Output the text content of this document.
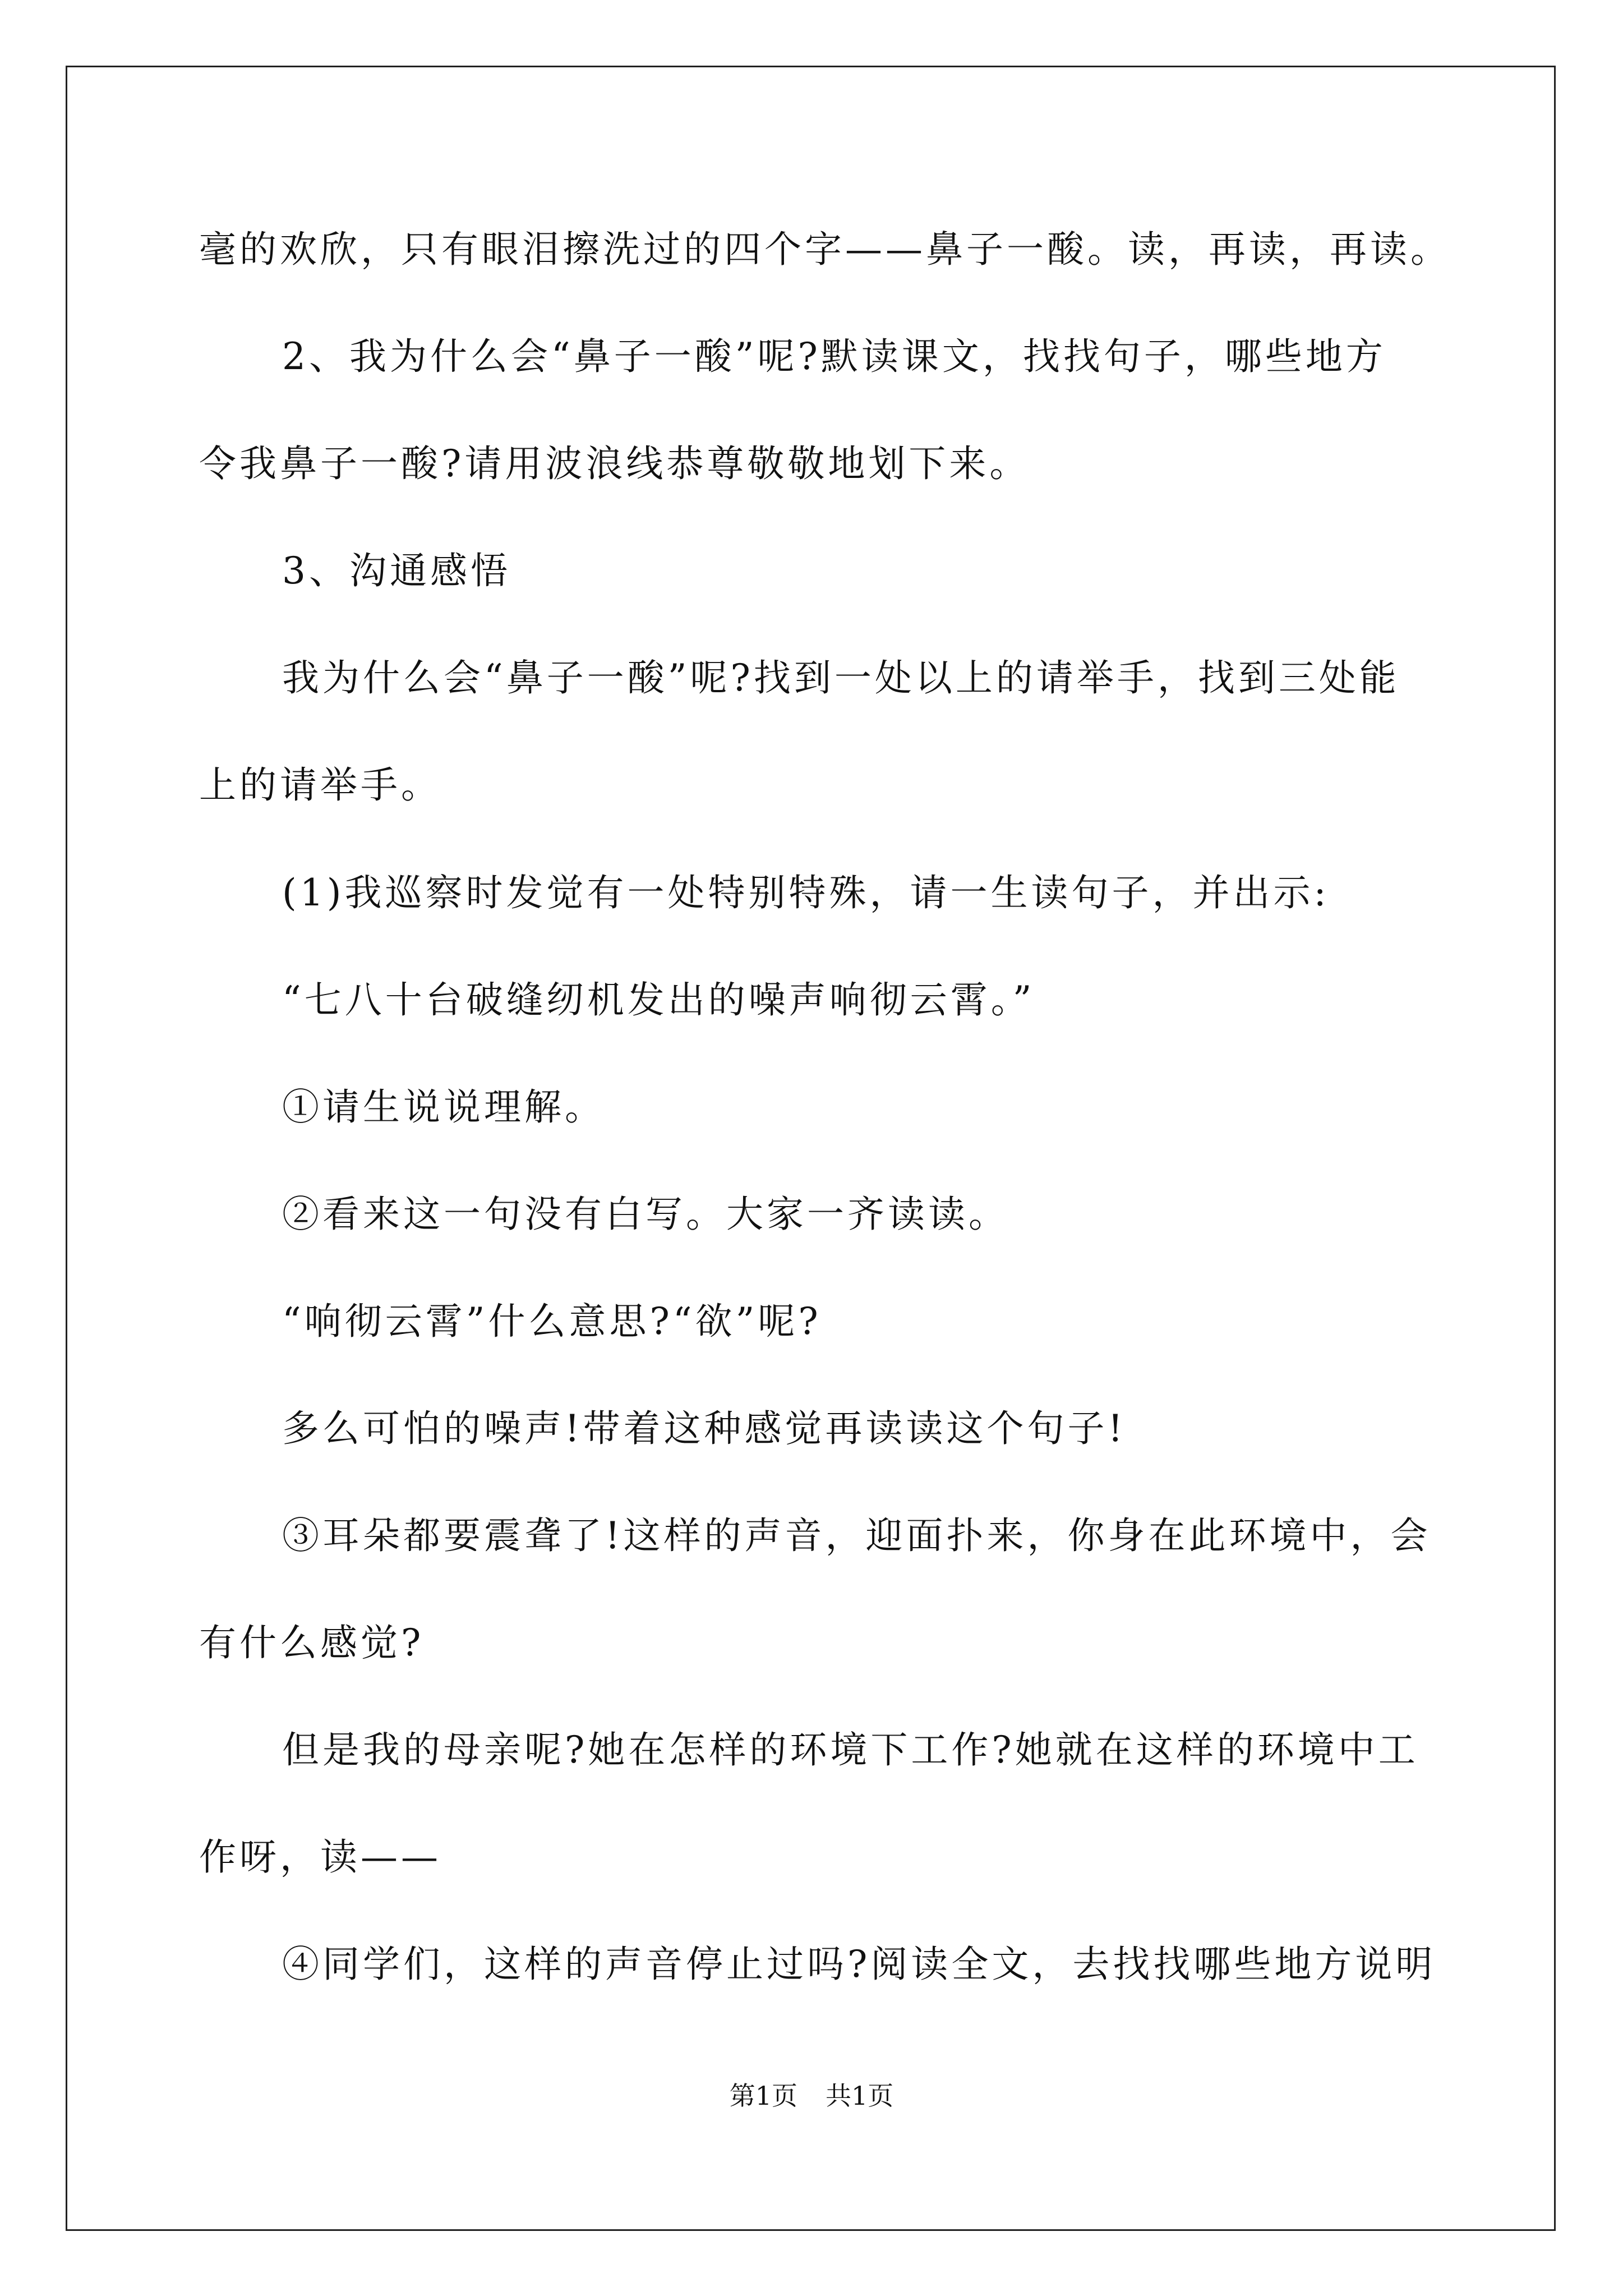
毫的欢欣，只有眼泪擦洗过的四个字——鼻子一酸。读，再读，再读。
2、我为什么会“鼻子一酸”呢?默读课文，找找句子，哪些地方
令我鼻子一酸?请用波浪线恭尊敬敬地划下来。
3、沟通感悟
我为什么会“鼻子一酸”呢?找到一处以上的请举手，找到三处能
上的请举手。
(1)我巡察时发觉有一处特别特殊，请一生读句子，并出示:
“七八十台破缝纫机发出的噪声响彻云霄。”
①请生说说理解。
②看来这一句没有白写。大家一齐读读。
“响彻云霄”什么意思?“欲”呢?
多么可怕的噪声!带着这种感觉再读读这个句子!
③耳朵都要震聋了!这样的声音，迎面扑来，你身在此环境中，会
有什么感觉?
但是我的母亲呢?她在怎样的环境下工作?她就在这样的环境中工
作呀，读——
④同学们，这样的声音停止过吗?阅读全文，去找找哪些地方说明
第1页 共1页
